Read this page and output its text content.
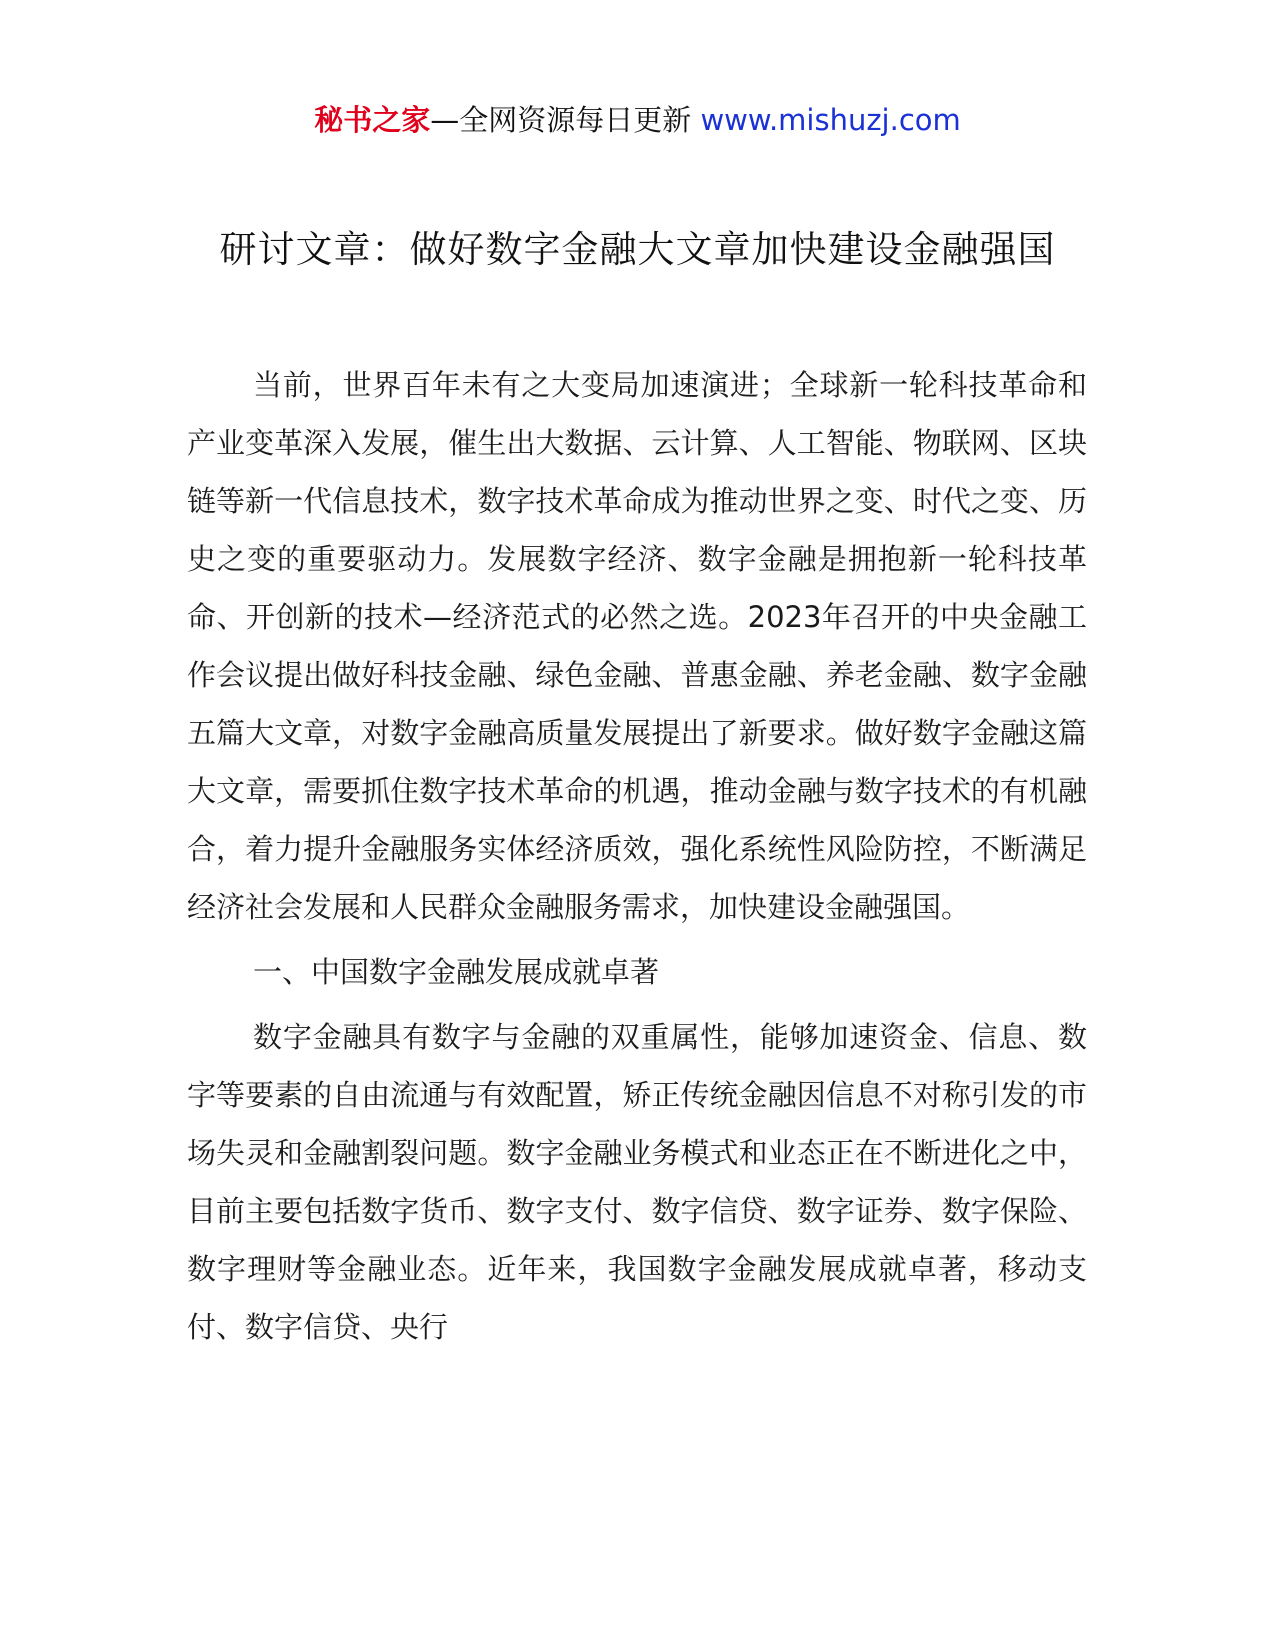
秘书之家—全网资源每日更新 www.mishuzj.com
研讨文章：做好数字金融大文章加快建设金融强国

当前，世界百年未有之大变局加速演进；全球新一轮科技革命和产业变革深入发展，催生出大数据、云计算、人工智能、物联网、区块链等新一代信息技术，数字技术革命成为推动世界之变、时代之变、历史之变的重要驱动力。发展数字经济、数字金融是拥抱新一轮科技革命、开创新的技术—经济范式的必然之选。2023年召开的中央金融工作会议提出做好科技金融、绿色金融、普惠金融、养老金融、数字金融五篇大文章，对数字金融高质量发展提出了新要求。做好数字金融这篇大文章，需要抓住数字技术革命的机遇，推动金融与数字技术的有机融合，着力提升金融服务实体经济质效，强化系统性风险防控，不断满足经济社会发展和人民群众金融服务需求，加快建设金融强国。

一、中国数字金融发展成就卓著

数字金融具有数字与金融的双重属性，能够加速资金、信息、数字等要素的自由流通与有效配置，矫正传统金融因信息不对称引发的市场失灵和金融割裂问题。数字金融业务模式和业态正在不断进化之中，目前主要包括数字货币、数字支付、数字信贷、数字证券、数字保险、数字理财等金融业态。近年来，我国数字金融发展成就卓著，移动支付、数字信贷、央行
